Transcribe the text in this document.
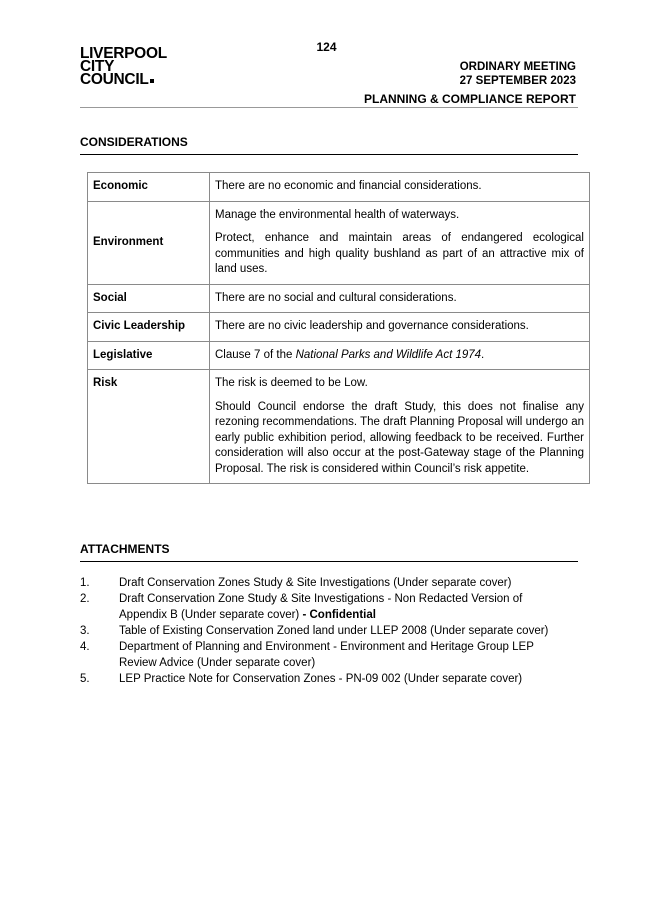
124
LIVERPOOL
CITY
COUNCIL
ORDINARY MEETING
27 SEPTEMBER 2023
PLANNING & COMPLIANCE REPORT
CONSIDERATIONS
Economic	There are no economic and financial considerations.

Environment	Manage the environmental health of waterways.

Protect, enhance and maintain areas of endangered ecological communities and high quality bushland as part of an attractive mix of land uses.

Social	There are no social and cultural considerations.

Civic Leadership	There are no civic leadership and governance considerations.

Legislative	Clause 7 of the National Parks and Wildlife Act 1974.

Risk	The risk is deemed to be Low.

Should Council endorse the draft Study, this does not finalise any rezoning recommendations. The draft Planning Proposal will undergo an early public exhibition period, allowing feedback to be received. Further consideration will also occur at the post-Gateway stage of the Planning Proposal. The risk is considered within Council’s risk appetite.

ATTACHMENTS
1.	Draft Conservation Zones Study & Site Investigations (Under separate cover)
2.	Draft Conservation Zone Study & Site Investigations - Non Redacted Version of Appendix B (Under separate cover) - Confidential
3.	Table of Existing Conservation Zoned land under LLEP 2008 (Under separate cover)
4.	Department of Planning and Environment - Environment and Heritage Group LEP Review Advice (Under separate cover)
5.	LEP Practice Note for Conservation Zones - PN-09 002 (Under separate cover)
